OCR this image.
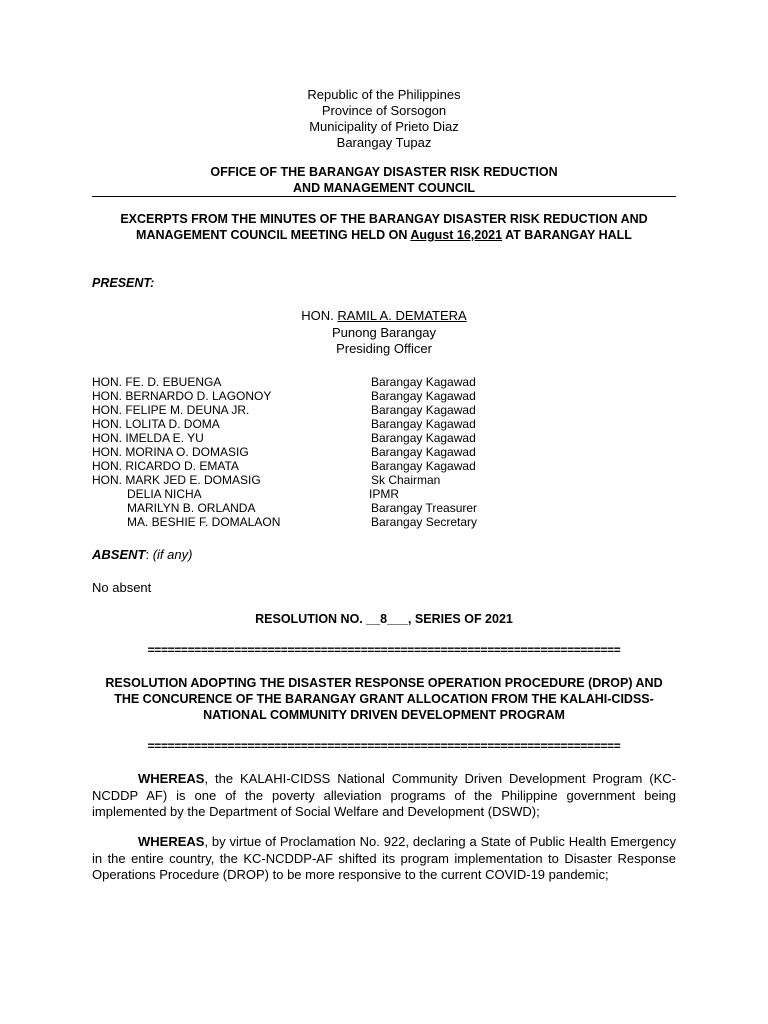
Republic of the Philippines
Province of Sorsogon
Municipality of Prieto Diaz
Barangay Tupaz
OFFICE OF THE BARANGAY DISASTER RISK REDUCTION
AND MANAGEMENT COUNCIL
EXCERPTS FROM THE MINUTES OF THE BARANGAY DISASTER RISK REDUCTION AND MANAGEMENT COUNCIL MEETING HELD ON August 16,2021 AT BARANGAY HALL
PRESENT:
HON. RAMIL A. DEMATERA
Punong Barangay
Presiding Officer
HON. FE. D. EBUENGA	Barangay Kagawad
HON. BERNARDO D. LAGONOY	Barangay Kagawad
HON. FELIPE M. DEUNA JR.	Barangay Kagawad
HON. LOLITA D. DOMA	Barangay Kagawad
HON. IMELDA E. YU	Barangay Kagawad
HON. MORINA O. DOMASIG	Barangay Kagawad
HON. RICARDO D. EMATA	Barangay Kagawad
HON. MARK JED E. DOMASIG	Sk Chairman
DELIA NICHA	IPMR
MARILYN B. ORLANDA	Barangay Treasurer
MA. BESHIE F. DOMALAON	Barangay Secretary
ABSENT: (if any)
No absent
RESOLUTION NO. __8___, SERIES OF 2021
=======================================================================
RESOLUTION ADOPTING THE DISASTER RESPONSE OPERATION PROCEDURE (DROP) AND THE CONCURENCE OF THE BARANGAY GRANT ALLOCATION FROM THE KALAHI-CIDSS-NATIONAL COMMUNITY DRIVEN DEVELOPMENT PROGRAM
=======================================================================
WHEREAS, the KALAHI-CIDSS National Community Driven Development Program (KC-NCDDP AF) is one of the poverty alleviation programs of the Philippine government being implemented by the Department of Social Welfare and Development (DSWD);
WHEREAS, by virtue of Proclamation No. 922, declaring a State of Public Health Emergency in the entire country, the KC-NCDDP-AF shifted its program implementation to Disaster Response Operations Procedure (DROP) to be more responsive to the current COVID-19 pandemic;
